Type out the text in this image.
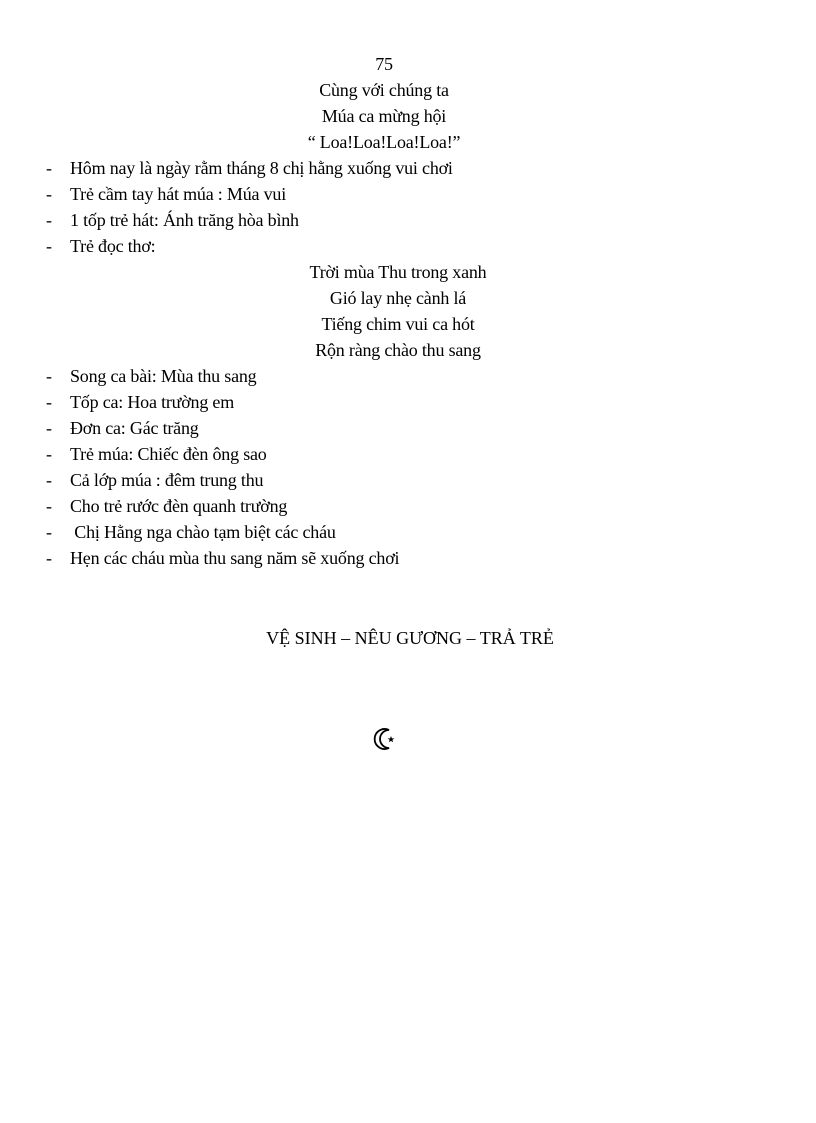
75
Cùng với chúng ta
Múa ca mừng hội
“ Loa!Loa!Loa!Loa!”
- Hôm nay là ngày rằm tháng 8 chị hằng xuống vui chơi
- Trẻ cầm tay hát múa : Múa vui
- 1 tốp trẻ hát: Ánh trăng hòa bình
- Trẻ đọc thơ:
Trời mùa Thu trong xanh
Gió lay nhẹ cành lá
Tiếng chim vui ca hót
Rộn ràng chào thu sang
- Song ca bài: Mùa thu sang
- Tốp ca: Hoa trường em
- Đơn ca: Gác trăng
- Trẻ múa: Chiếc đèn ông sao
- Cả lớp múa : đêm trung thu
- Cho trẻ rước đèn quanh trường
- Chị Hằng nga chào tạm biệt các cháu
- Hẹn các cháu mùa thu sang năm sẽ xuống chơi
VỆ SINH – NÊU GƯƠNG – TRẢ TRẺ
